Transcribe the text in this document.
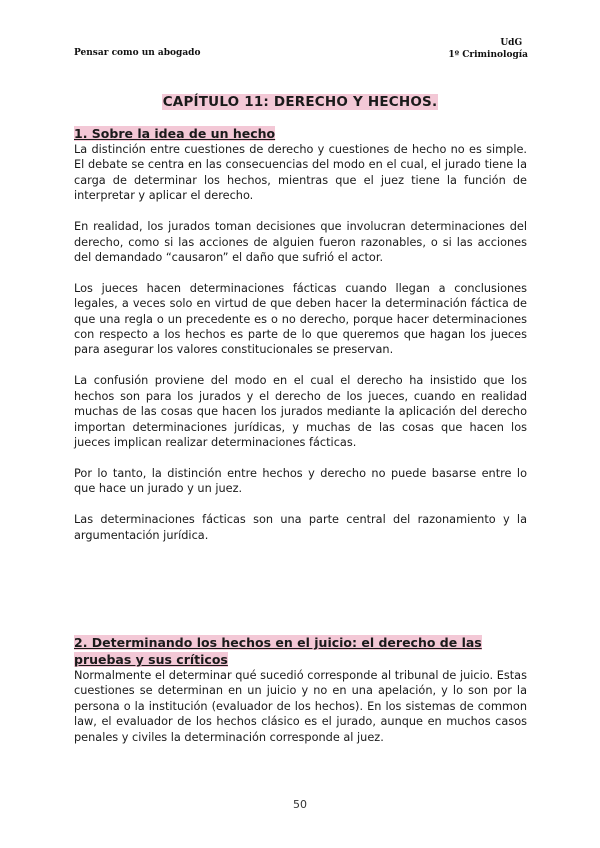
Pensar como un abogado
UdG
1º Criminología
CAPÍTULO 11: DERECHO Y HECHOS.
1. Sobre la idea de un hecho

La distinción entre cuestiones de derecho y cuestiones de hecho no es simple. El debate se centra en las consecuencias del modo en el cual, el jurado tiene la carga de determinar los hechos, mientras que el juez tiene la función de interpretar y aplicar el derecho.

En realidad, los jurados toman decisiones que involucran determinaciones del derecho, como si las acciones de alguien fueron razonables, o si las acciones del demandado “causaron” el daño que sufrió el actor.

Los jueces hacen determinaciones fácticas cuando llegan a conclusiones legales, a veces solo en virtud de que deben hacer la determinación fáctica de que una regla o un precedente es o no derecho, porque hacer determinaciones con respecto a los hechos es parte de lo que queremos que hagan los jueces para asegurar los valores constitucionales se preservan.

La confusión proviene del modo en el cual el derecho ha insistido que los hechos son para los jurados y el derecho de los jueces, cuando en realidad muchas de las cosas que hacen los jurados mediante la aplicación del derecho importan determinaciones jurídicas, y muchas de las cosas que hacen los jueces implican realizar determinaciones fácticas.

Por lo tanto, la distinción entre hechos y derecho no puede basarse entre lo que hace un jurado y un juez.

Las determinaciones fácticas son una parte central del razonamiento y la argumentación jurídica.

2. Determinando los hechos en el juicio: el derecho de las pruebas y sus críticos

Normalmente el determinar qué sucedió corresponde al tribunal de juicio. Estas cuestiones se determinan en un juicio y no en una apelación, y lo son por la persona o la institución (evaluador de los hechos). En los sistemas de common law, el evaluador de los hechos clásico es el jurado, aunque en muchos casos penales y civiles la determinación corresponde al juez.

50
